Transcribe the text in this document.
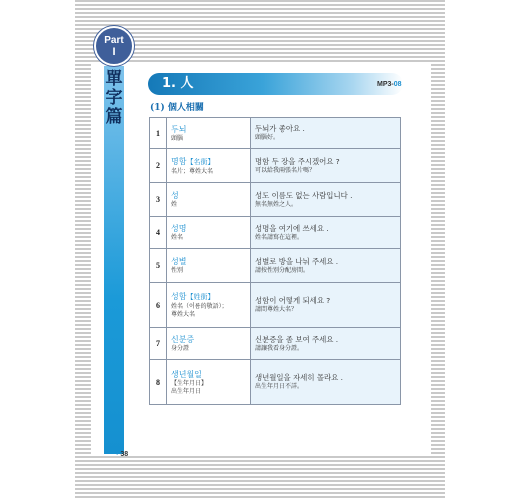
單
字
篇
Part
I
1. 人	MP3-08
(1) 個人相關
1	두뇌
頭腦	두뇌가 좋아요 .
頭腦好。

2	명함【名銜】
名片；尊姓大名	명함 두 장을 주시겠어요 ?
可以給我兩張名片嗎？

3	성
姓	성도 이름도 없는 사람입니다 .
無名無姓之人。

4	성명
姓名	성명을 여기에 쓰세요 .
姓名請寫在這裡。

5	성별
性別	성별로 방을 나눠 주세요 .
請按性別分配房間。

6	성함【姓銜】
姓名（이름的敬語）；
尊姓大名	성함이 어떻게 되세요 ?
請問尊姓大名？

7	신분증
身分證	신분증을 좀 보여 주세요 .
請讓我看身分證。

8	생년월일
【生年月日】
出生年月日	생년월일을 자세히 몰라요 .
出生年月日不詳。
• 38
